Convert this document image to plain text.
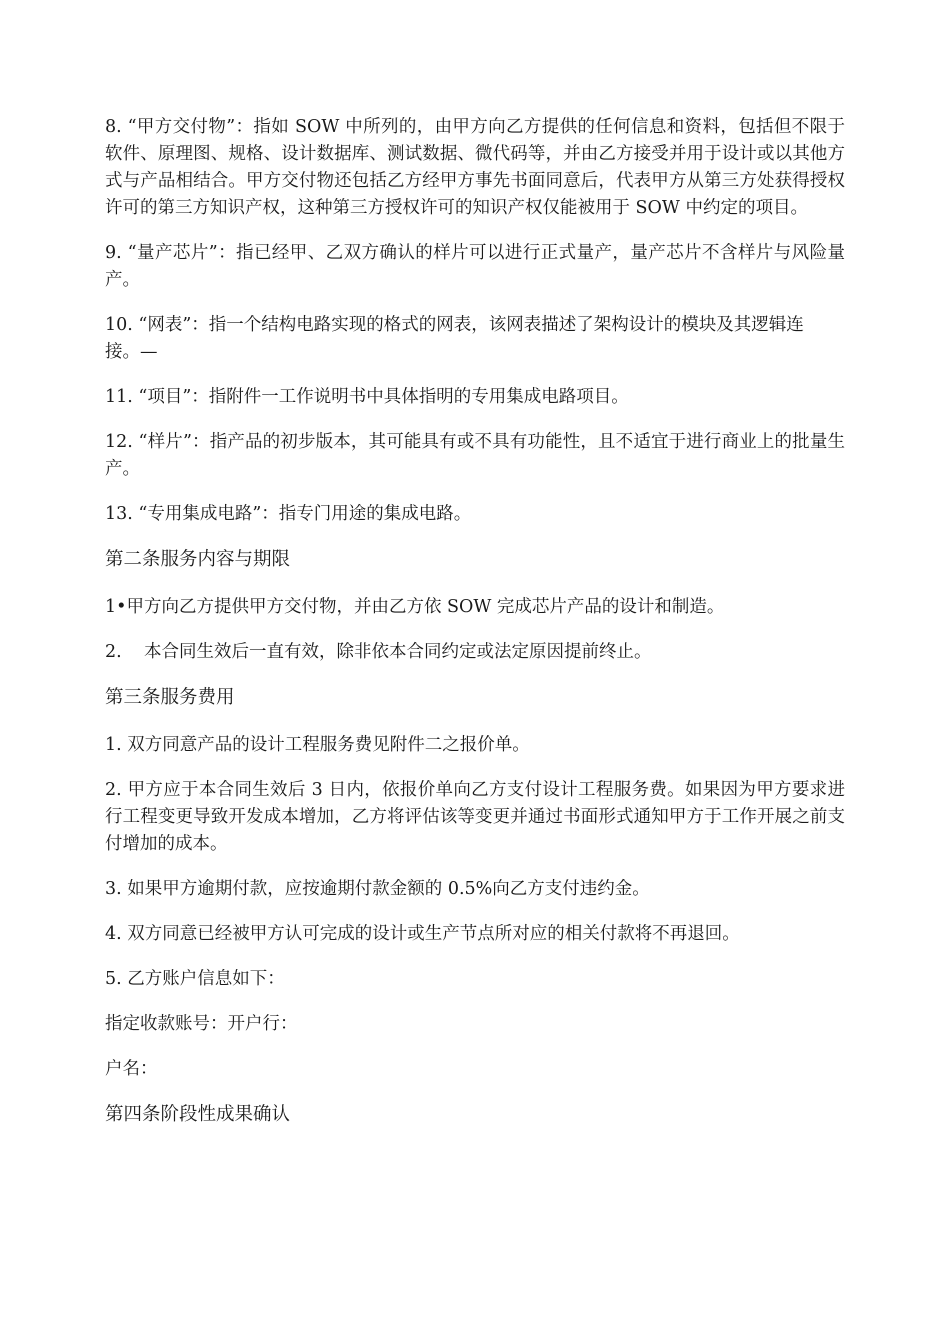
8. “甲方交付物”：指如 SOW 中所列的，由甲方向乙方提供的任何信息和资料，包括但不限于软件、原理图、规格、设计数据库、测试数据、微代码等，并由乙方接受并用于设计或以其他方式与产品相结合。甲方交付物还包括乙方经甲方事先书面同意后，代表甲方从第三方处获得授权许可的第三方知识产权，这种第三方授权许可的知识产权仅能被用于 SOW 中约定的项目。

9. “量产芯片”：指已经甲、乙双方确认的样片可以进行正式量产，量产芯片不含样片与风险量产。

10. “网表”：指一个结构电路实现的格式的网表，该网表描述了架构设计的模块及其逻辑连接。—

11. “项目”：指附件一工作说明书中具体指明的专用集成电路项目。

12. “样片”：指产品的初步版本，其可能具有或不具有功能性，且不适宜于进行商业上的批量生产。

13. “专用集成电路”：指专门用途的集成电路。

第二条服务内容与期限

1•甲方向乙方提供甲方交付物，并由乙方依 SOW 完成芯片产品的设计和制造。

2.    本合同生效后一直有效，除非依本合同约定或法定原因提前终止。

第三条服务费用

1. 双方同意产品的设计工程服务费见附件二之报价单。

2. 甲方应于本合同生效后 3 日内，依报价单向乙方支付设计工程服务费。如果因为甲方要求进行工程变更导致开发成本增加，乙方将评估该等变更并通过书面形式通知甲方于工作开展之前支付增加的成本。

3. 如果甲方逾期付款，应按逾期付款金额的 0.5%向乙方支付违约金。

4. 双方同意已经被甲方认可完成的设计或生产节点所对应的相关付款将不再退回。

5. 乙方账户信息如下：

指定收款账号：开户行：

户名：

第四条阶段性成果确认
